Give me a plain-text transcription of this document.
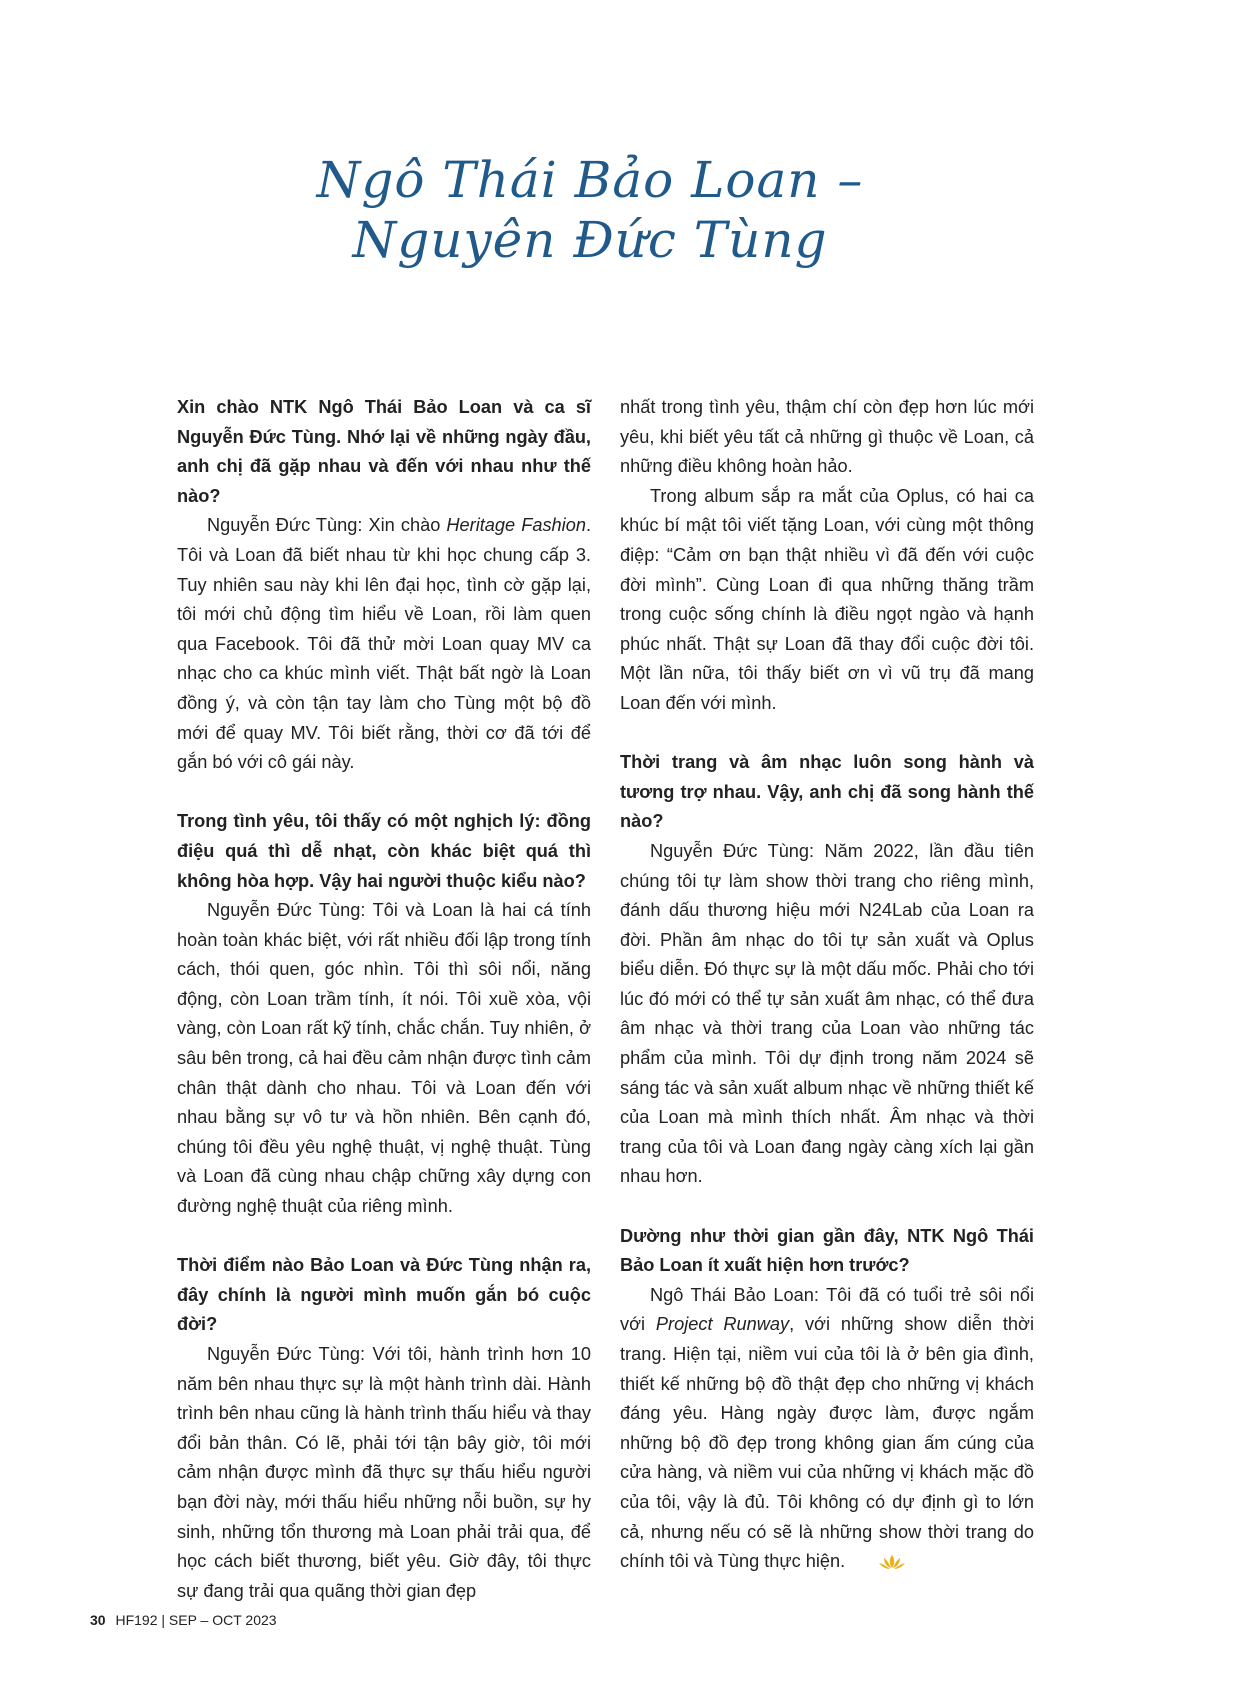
Ngô Thái Bảo Loan –
Nguyên Đức Tùng

Xin chào NTK Ngô Thái Bảo Loan và ca sĩ Nguyễn Đức Tùng. Nhớ lại về những ngày đầu, anh chị đã gặp nhau và đến với nhau như thế nào?

Nguyễn Đức Tùng: Xin chào Heritage Fashion. Tôi và Loan đã biết nhau từ khi học chung cấp 3. Tuy nhiên sau này khi lên đại học, tình cờ gặp lại, tôi mới chủ động tìm hiểu về Loan, rồi làm quen qua Facebook. Tôi đã thử mời Loan quay MV ca nhạc cho ca khúc mình viết. Thật bất ngờ là Loan đồng ý, và còn tận tay làm cho Tùng một bộ đồ mới để quay MV. Tôi biết rằng, thời cơ đã tới để gắn bó với cô gái này.

Trong tình yêu, tôi thấy có một nghịch lý: đồng điệu quá thì dễ nhạt, còn khác biệt quá thì không hòa hợp. Vậy hai người thuộc kiểu nào?

Nguyễn Đức Tùng: Tôi và Loan là hai cá tính hoàn toàn khác biệt, với rất nhiều đối lập trong tính cách, thói quen, góc nhìn. Tôi thì sôi nổi, năng động, còn Loan trầm tính, ít nói. Tôi xuề xòa, vội vàng, còn Loan rất kỹ tính, chắc chắn. Tuy nhiên, ở sâu bên trong, cả hai đều cảm nhận được tình cảm chân thật dành cho nhau. Tôi và Loan đến với nhau bằng sự vô tư và hồn nhiên. Bên cạnh đó, chúng tôi đều yêu nghệ thuật, vị nghệ thuật. Tùng và Loan đã cùng nhau chập chững xây dựng con đường nghệ thuật của riêng mình.

Thời điểm nào Bảo Loan và Đức Tùng nhận ra, đây chính là người mình muốn gắn bó cuộc đời?

Nguyễn Đức Tùng: Với tôi, hành trình hơn 10 năm bên nhau thực sự là một hành trình dài. Hành trình bên nhau cũng là hành trình thấu hiểu và thay đổi bản thân. Có lẽ, phải tới tận bây giờ, tôi mới cảm nhận được mình đã thực sự thấu hiểu người bạn đời này, mới thấu hiểu những nỗi buồn, sự hy sinh, những tổn thương mà Loan phải trải qua, để học cách biết thương, biết yêu. Giờ đây, tôi thực sự đang trải qua quãng thời gian đẹp

nhất trong tình yêu, thậm chí còn đẹp hơn lúc mới yêu, khi biết yêu tất cả những gì thuộc về Loan, cả những điều không hoàn hảo.

Trong album sắp ra mắt của Oplus, có hai ca khúc bí mật tôi viết tặng Loan, với cùng một thông điệp: “Cảm ơn bạn thật nhiều vì đã đến với cuộc đời mình”. Cùng Loan đi qua những thăng trầm trong cuộc sống chính là điều ngọt ngào và hạnh phúc nhất. Thật sự Loan đã thay đổi cuộc đời tôi. Một lần nữa, tôi thấy biết ơn vì vũ trụ đã mang Loan đến với mình.

Thời trang và âm nhạc luôn song hành và tương trợ nhau. Vậy, anh chị đã song hành thế nào?

Nguyễn Đức Tùng: Năm 2022, lần đầu tiên chúng tôi tự làm show thời trang cho riêng mình, đánh dấu thương hiệu mới N24Lab của Loan ra đời. Phần âm nhạc do tôi tự sản xuất và Oplus biểu diễn. Đó thực sự là một dấu mốc. Phải cho tới lúc đó mới có thể tự sản xuất âm nhạc, có thể đưa âm nhạc và thời trang của Loan vào những tác phẩm của mình. Tôi dự định trong năm 2024 sẽ sáng tác và sản xuất album nhạc về những thiết kế của Loan mà mình thích nhất. Âm nhạc và thời trang của tôi và Loan đang ngày càng xích lại gần nhau hơn.

Dường như thời gian gần đây, NTK Ngô Thái Bảo Loan ít xuất hiện hơn trước?

Ngô Thái Bảo Loan: Tôi đã có tuổi trẻ sôi nổi với Project Runway, với những show diễn thời trang. Hiện tại, niềm vui của tôi là ở bên gia đình, thiết kế những bộ đồ thật đẹp cho những vị khách đáng yêu. Hàng ngày được làm, được ngắm những bộ đồ đẹp trong không gian ấm cúng của cửa hàng, và niềm vui của những vị khách mặc đồ của tôi, vậy là đủ. Tôi không có dự định gì to lớn cả, nhưng nếu có sẽ là những show thời trang do chính tôi và Tùng thực hiện.

30 HF192 | SEP – OCT 2023
